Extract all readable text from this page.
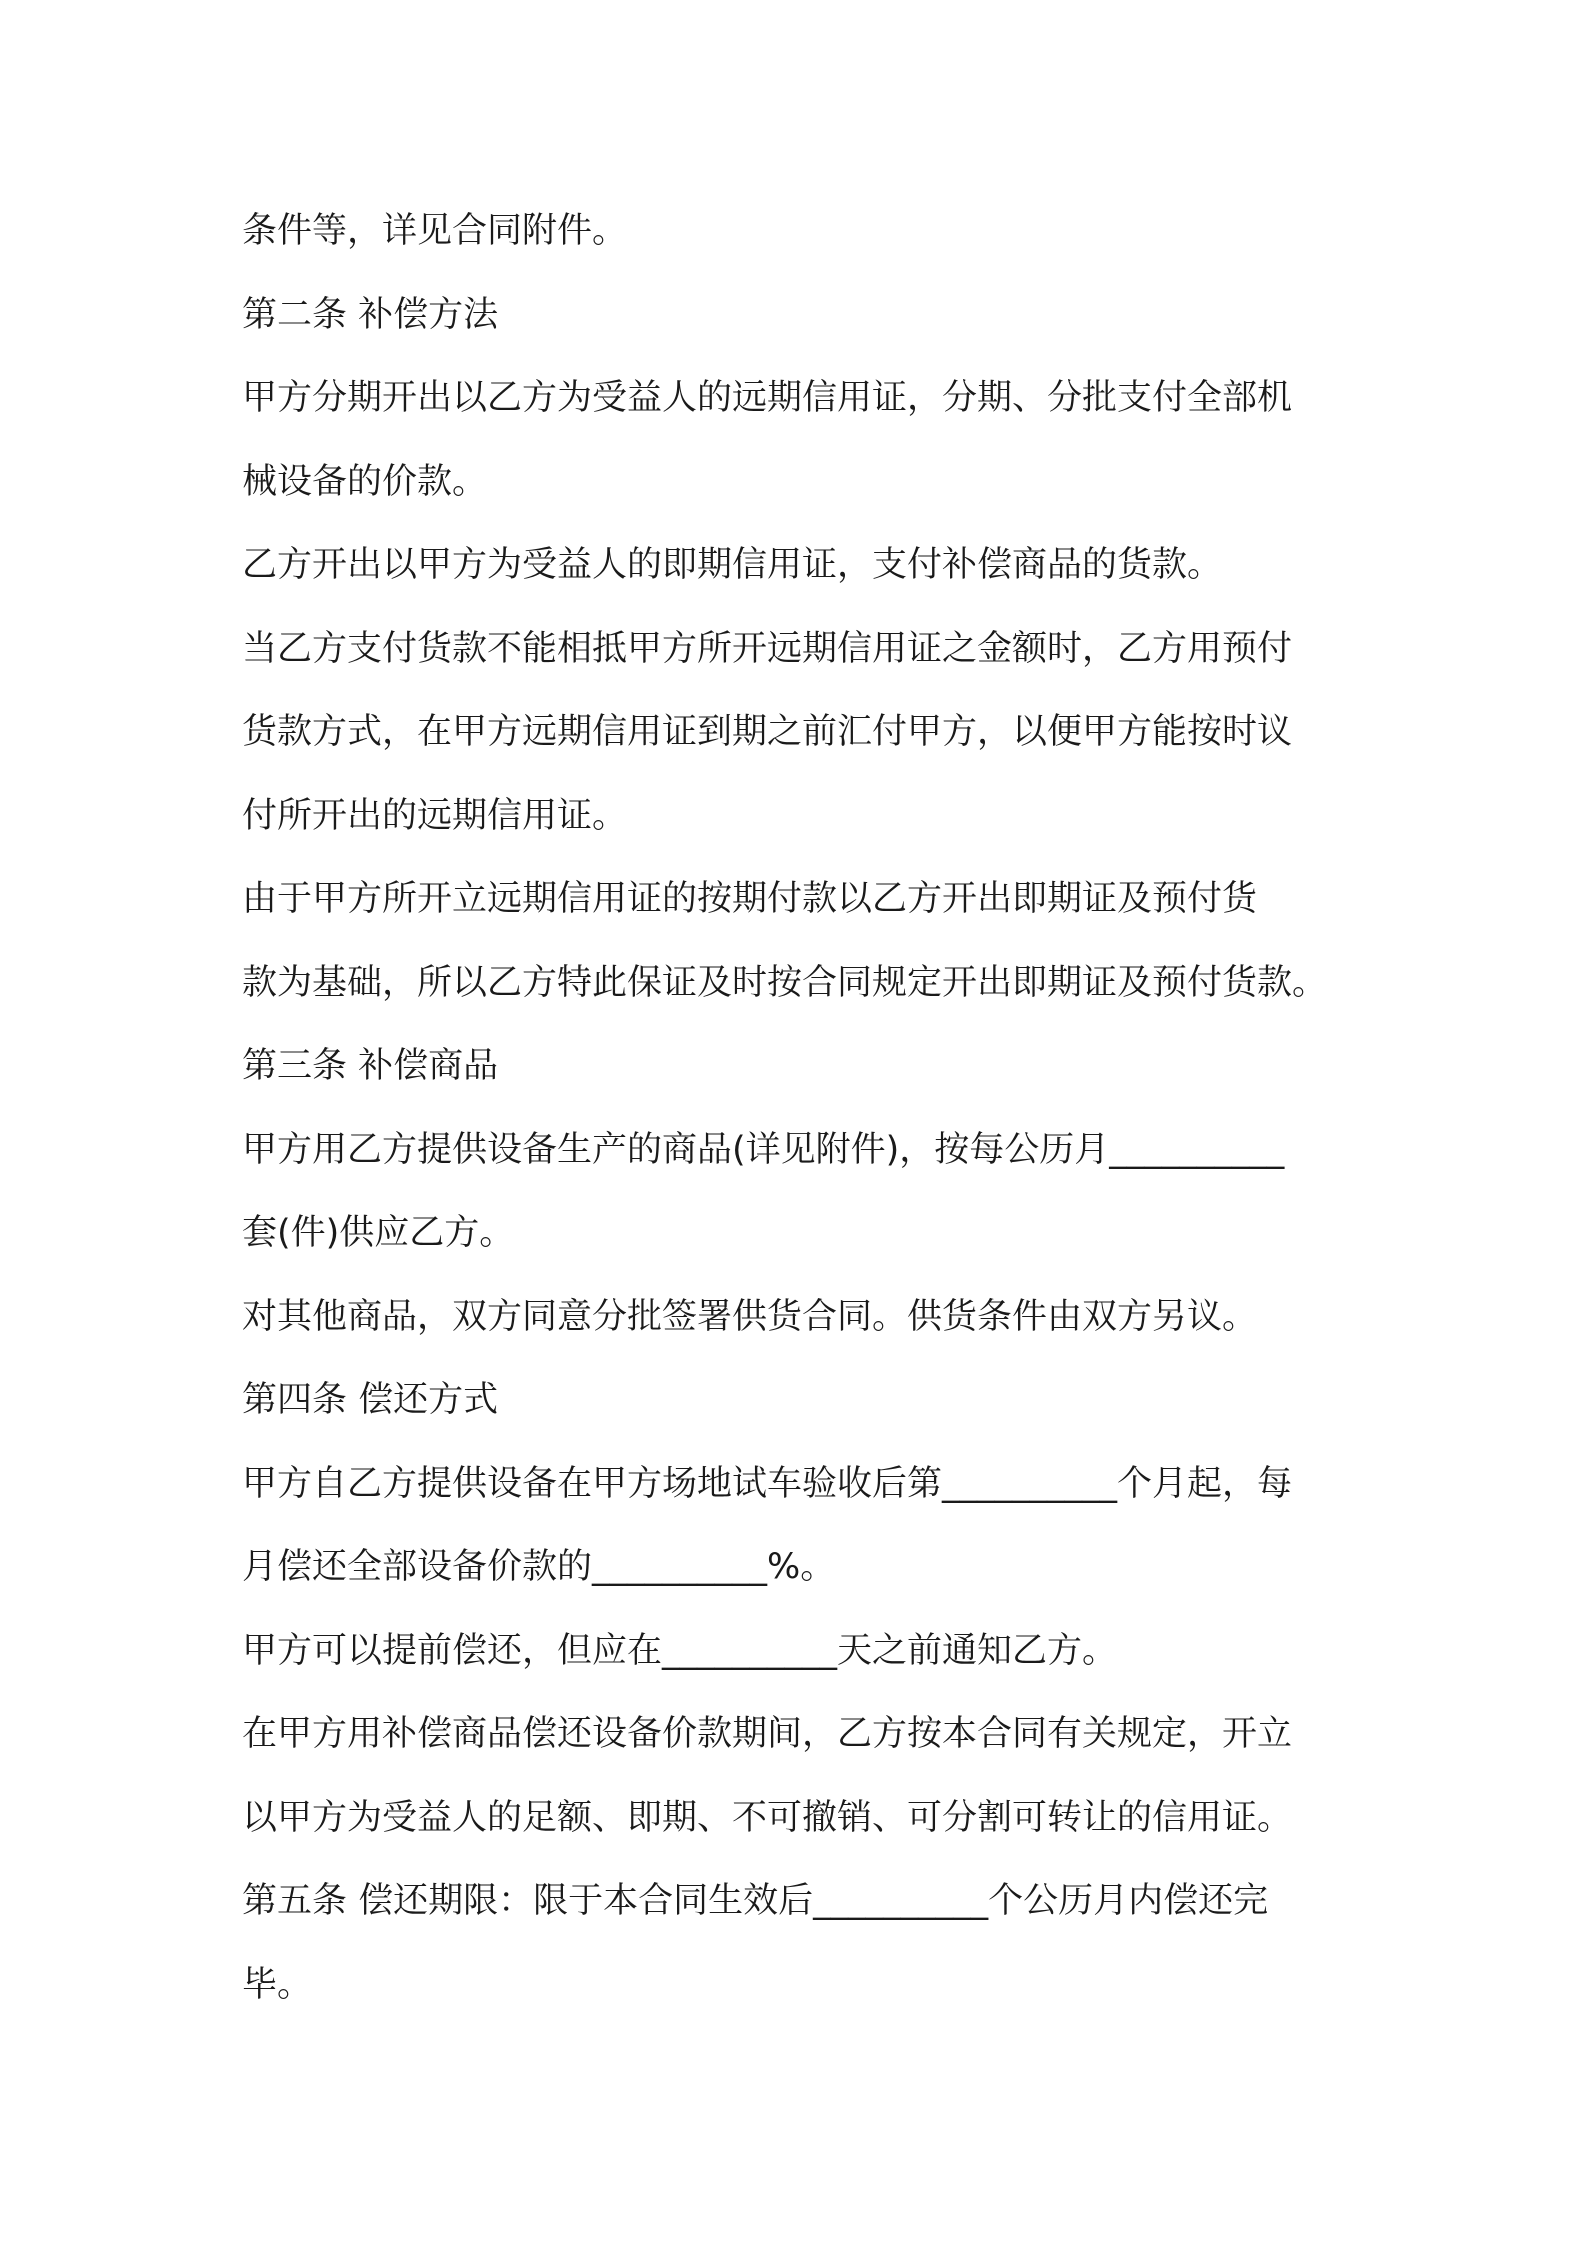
条件等，详见合同附件。

第二条 补偿方法

甲方分期开出以乙方为受益人的远期信用证，分期、分批支付全部机

械设备的价款。

乙方开出以甲方为受益人的即期信用证，支付补偿商品的货款。

当乙方支付货款不能相抵甲方所开远期信用证之金额时，乙方用预付

货款方式，在甲方远期信用证到期之前汇付甲方，以便甲方能按时议

付所开出的远期信用证。

由于甲方所开立远期信用证的按期付款以乙方开出即期证及预付货

款为基础，所以乙方特此保证及时按合同规定开出即期证及预付货款。

第三条 补偿商品

甲方用乙方提供设备生产的商品(详见附件)，按每公历月__________

套(件)供应乙方。

对其他商品，双方同意分批签署供货合同。供货条件由双方另议。

第四条 偿还方式

甲方自乙方提供设备在甲方场地试车验收后第__________个月起，每

月偿还全部设备价款的__________%。

甲方可以提前偿还，但应在__________天之前通知乙方。

在甲方用补偿商品偿还设备价款期间，乙方按本合同有关规定，开立

以甲方为受益人的足额、即期、不可撤销、可分割可转让的信用证。

第五条 偿还期限：限于本合同生效后__________个公历月内偿还完

毕。
